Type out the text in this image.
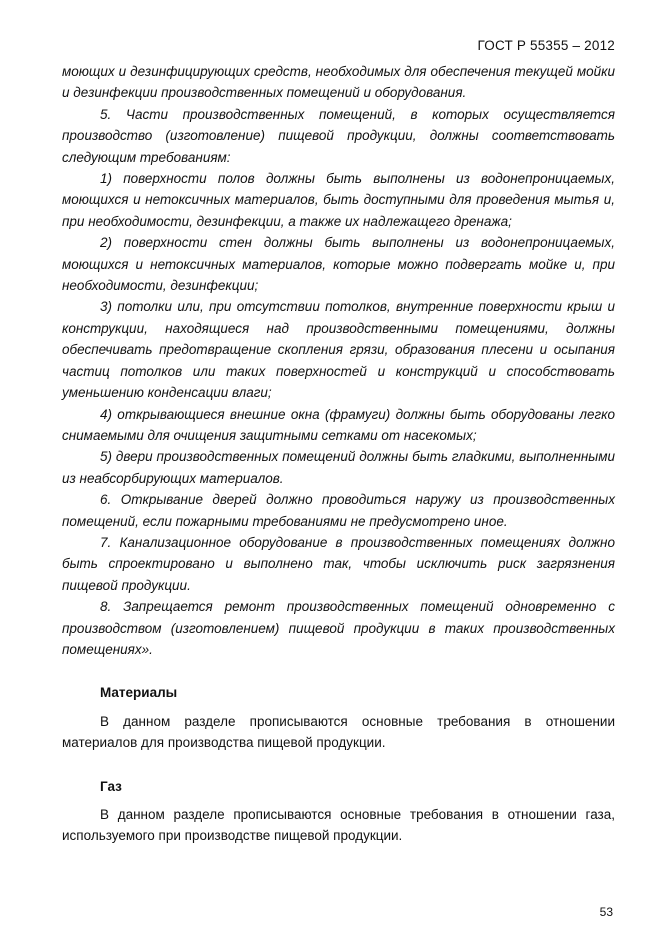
ГОСТ Р 55355 – 2012

моющих и дезинфицирующих средств, необходимых для обеспечения текущей мойки и дезинфекции производственных помещений и оборудования.

5. Части производственных помещений, в которых осуществляется производство (изготовление) пищевой продукции, должны соответствовать следующим требованиям:

1) поверхности полов должны быть выполнены из водонепроницаемых, моющихся и нетоксичных материалов, быть доступными для проведения мытья и, при необходимости, дезинфекции, а также их надлежащего дренажа;

2) поверхности стен должны быть выполнены из водонепроницаемых, моющихся и нетоксичных материалов, которые можно подвергать мойке и, при необходимости, дезинфекции;

3) потолки или, при отсутствии потолков, внутренние поверхности крыш и конструкции, находящиеся над производственными помещениями, должны обеспечивать предотвращение скопления грязи, образования плесени и осыпания частиц потолков или таких поверхностей и конструкций и способствовать уменьшению конденсации влаги;

4) открывающиеся внешние окна (фрамуги) должны быть оборудованы легко снимаемыми для очищения защитными сетками от насекомых;

5) двери производственных помещений должны быть гладкими, выполненными из неабсорбирующих материалов.

6. Открывание дверей должно проводиться наружу из производственных помещений, если пожарными требованиями не предусмотрено иное.

7. Канализационное оборудование в производственных помещениях должно быть спроектировано и выполнено так, чтобы исключить риск загрязнения пищевой продукции.

8. Запрещается ремонт производственных помещений одновременно с производством (изготовлением) пищевой продукции в таких производственных помещениях».

Материалы

В данном разделе прописываются основные требования в отношении материалов для производства пищевой продукции.

Газ

В данном разделе прописываются основные требования в отношении газа, используемого при производстве пищевой продукции.

53
